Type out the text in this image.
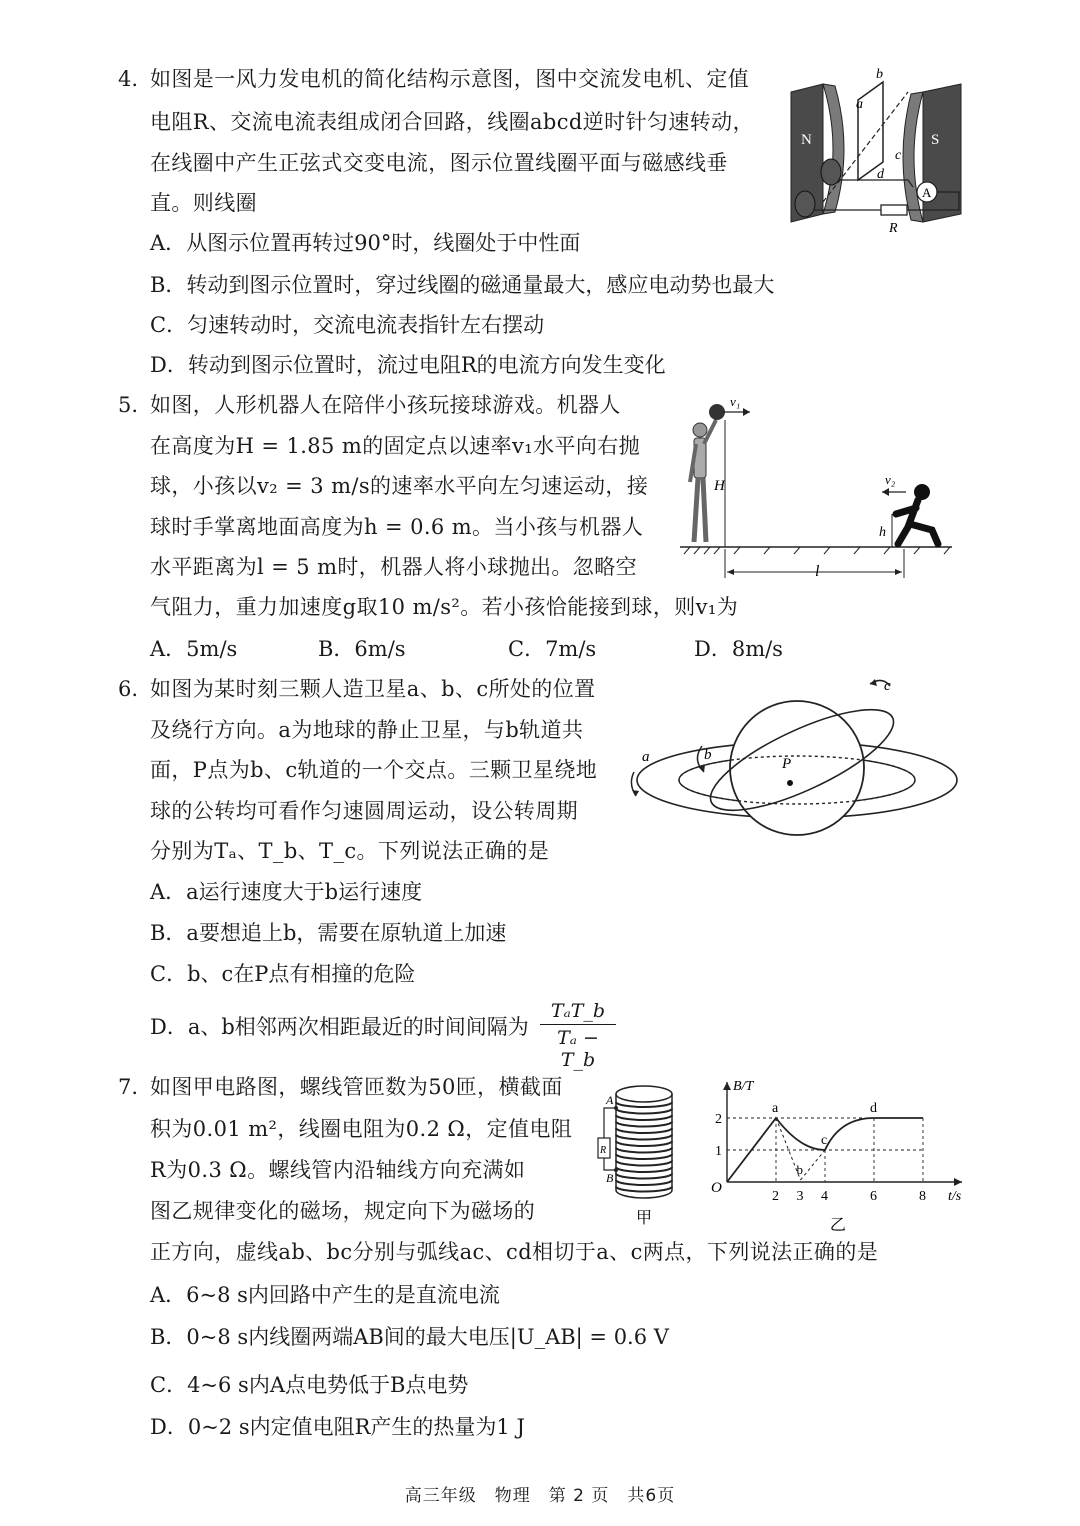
4. 如图是一风力发电机的简化结构示意图，图中交流发电机、定值
电阻R、交流电流表组成闭合回路，线圈abcd逆时针匀速转动，
在线圈中产生正弦式交变电流，图示位置线圈平面与磁感线垂
直。则线圈
A．从图示位置再转过90°时，线圈处于中性面
B．转动到图示位置时，穿过线圈的磁通量最大，感应电动势也最大
C．匀速转动时，交流电流表指针左右摆动
D．转动到图示位置时，流过电阻R的电流方向发生变化
N	S
a
b
c
d
A
R
5. 如图，人形机器人在陪伴小孩玩接球游戏。机器人
在高度为H = 1.85 m的固定点以速率v₁水平向右抛
球，小孩以v₂ = 3 m/s的速率水平向左匀速运动，接
球时手掌离地面高度为h = 0.6 m。当小孩与机器人
水平距离为l = 5 m时，机器人将小球抛出。忽略空
气阻力，重力加速度g取10 m/s²。若小孩恰能接到球，则v₁为
A．5m/s	B．6m/s	C．7m/s	D．8m/s
v₁
H	v₂
h
l
6. 如图为某时刻三颗人造卫星a、b、c所处的位置
及绕行方向。a为地球的静止卫星，与b轨道共
面，P点为b、c轨道的一个交点。三颗卫星绕地
球的公转均可看作匀速圆周运动，设公转周期
分别为Tₐ、T_b、T_c。下列说法正确的是
A．a运行速度大于b运行速度
B．a要想追上b，需要在原轨道上加速
C．b、c在P点有相撞的危险
D．a、b相邻两次相距最近的时间间隔为
TₐT_b
Tₐ − T_b
a	b
c
P
7. 如图甲电路图，螺线管匝数为50匝，横截面
积为0.01 m²，线圈电阻为0.2 Ω，定值电阻
R为0.3 Ω。螺线管内沿轴线方向充满如
图乙规律变化的磁场，规定向下为磁场的
正方向，虚线ab、bc分别与弧线ac、cd相切于a、c两点，下列说法正确的是
A．6~8 s内回路中产生的是直流电流
B．0~8 s内线圈两端AB间的最大电压|U_AB| = 0.6 V
C．4~6 s内A点电势低于B点电势
D．0~2 s内定值电阻R产生的热量为1 J
A
B
R
甲
B/T
t/s
O
1
2
2 3 4	6	8
a
c
d
b
乙
高三年级　物理　第 2 页　共6页
